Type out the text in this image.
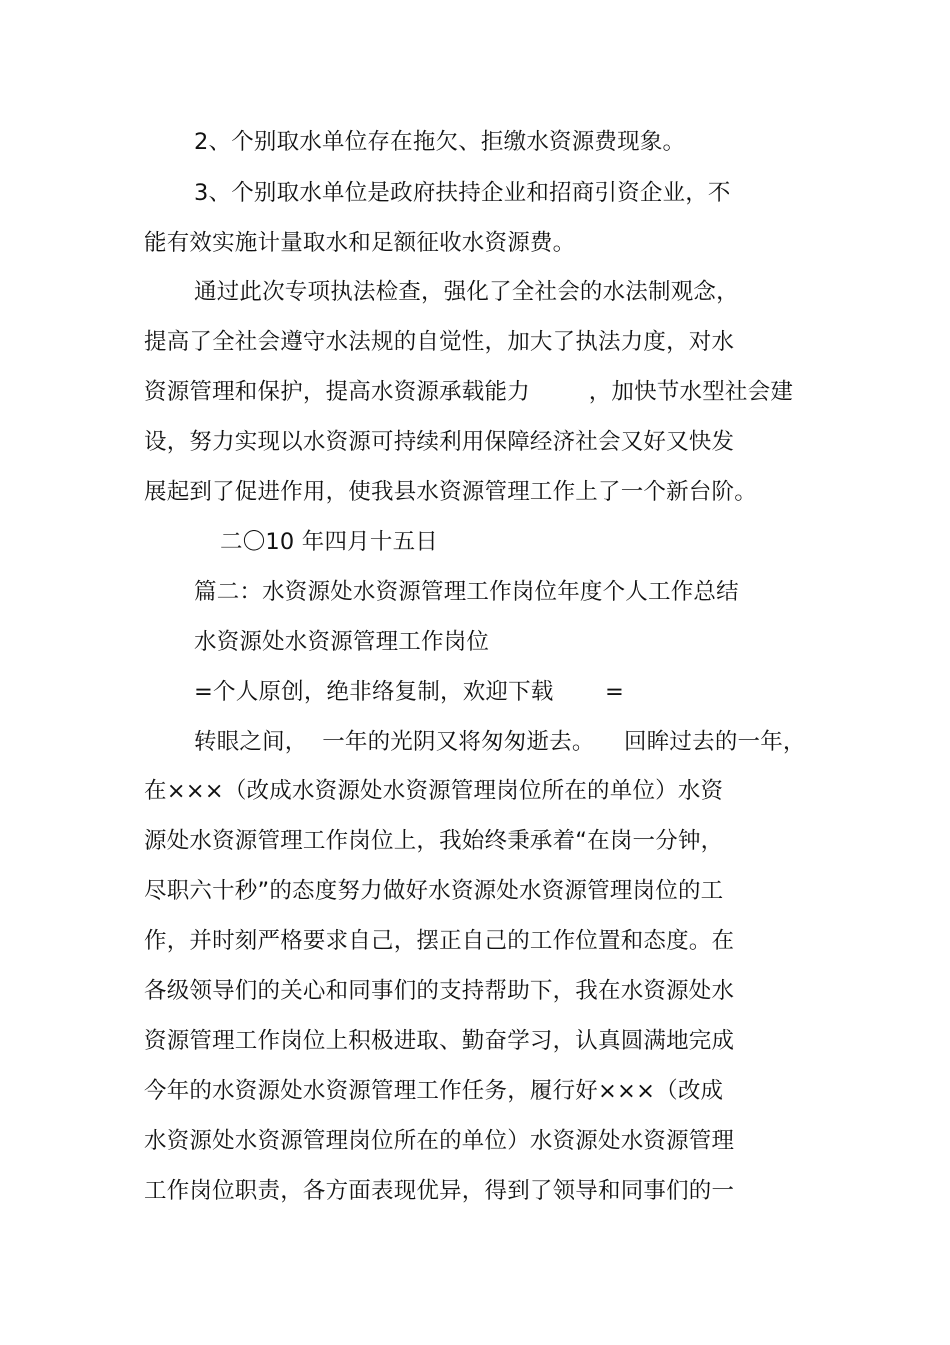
2、个别取水单位存在拖欠、拒缴水资源费现象。
3、个别取水单位是政府扶持企业和招商引资企业，不
能有效实施计量取水和足额征收水资源费。
通过此次专项执法检查，强化了全社会的水法制观念，
提高了全社会遵守水法规的自觉性，加大了执法力度，对水
资源管理和保护，提高水资源承载能力        ，加快节水型社会建
设，努力实现以水资源可持续利用保障经济社会又好又快发
展起到了促进作用，使我县水资源管理工作上了一个新台阶。
二〇10 年四月十五日
篇二：水资源处水资源管理工作岗位年度个人工作总结
水资源处水资源管理工作岗位
=个人原创，绝非络复制，欢迎下载       =
转眼之间，  一年的光阴又将匆匆逝去。    回眸过去的一年，
在×××（改成水资源处水资源管理岗位所在的单位）水资
源处水资源管理工作岗位上，我始终秉承着“在岗一分钟，
尽职六十秒”的态度努力做好水资源处水资源管理岗位的工
作，并时刻严格要求自己，摆正自己的工作位置和态度。在
各级领导们的关心和同事们的支持帮助下，我在水资源处水
资源管理工作岗位上积极进取、勤奋学习，认真圆满地完成
今年的水资源处水资源管理工作任务，履行好×××（改成
水资源处水资源管理岗位所在的单位）水资源处水资源管理
工作岗位职责，各方面表现优异，得到了领导和同事们的一
